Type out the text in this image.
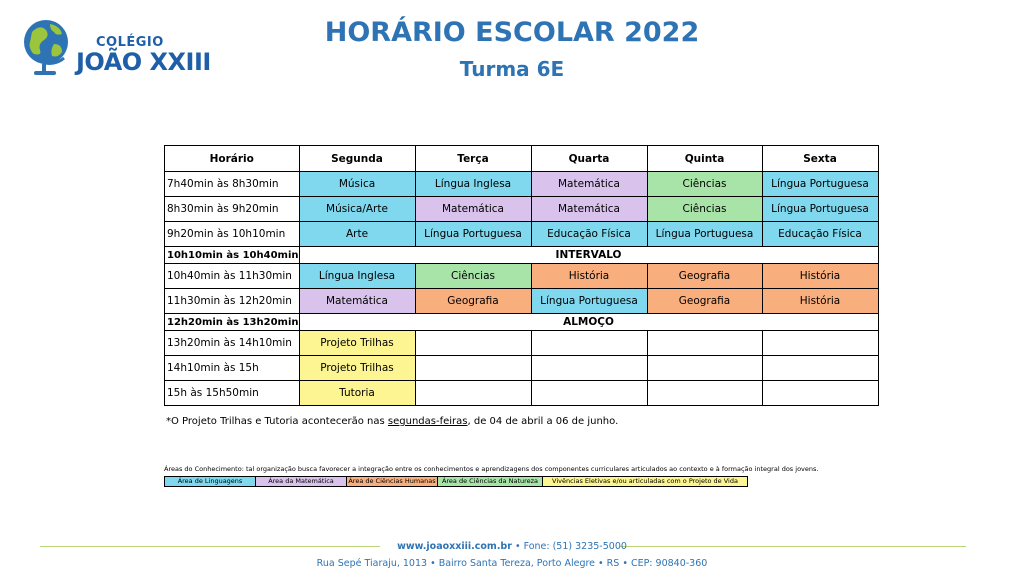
COLÉGIO
JOÃO XXIII
HORÁRIO ESCOLAR 2022
Turma 6E
Horário	Segunda	Terça	Quarta	Quinta	Sexta
7h40min às 8h30min	Música	Língua Inglesa	Matemática	Ciências	Língua Portuguesa
8h30min às 9h20min	Música/Arte	Matemática	Matemática	Ciências	Língua Portuguesa
9h20min às 10h10min	Arte	Língua Portuguesa	Educação Física	Língua Portuguesa	Educação Física
10h10min às 10h40min	INTERVALO				
10h40min às 11h30min	Língua Inglesa	Ciências	História	Geografia	História
11h30min às 12h20min	Matemática	Geografia	Língua Portuguesa	Geografia	História
12h20min às 13h20min	ALMOÇO				
13h20min às 14h10min	Projeto Trilhas				
14h10min às 15h	Projeto Trilhas				
15h às 15h50min	Tutoria				
*O Projeto Trilhas e Tutoria acontecerão nas segundas-feiras, de 04 de abril a 06 de junho.
Áreas do Conhecimento: tal organização busca favorecer a integração entre os conhecimentos e aprendizagens dos componentes curriculares articulados ao contexto e à formação integral dos jovens.
Área de Linguagens	Área da Matemática	Área de Ciências Humanas Área de Ciências da Natureza	Vivências Eletivas e/ou articuladas com o Projeto de Vida
www.joaoxxiii.com.br • Fone: (51) 3235-5000
Rua Sepé Tiaraju, 1013 • Bairro Santa Tereza, Porto Alegre • RS • CEP: 90840-360
